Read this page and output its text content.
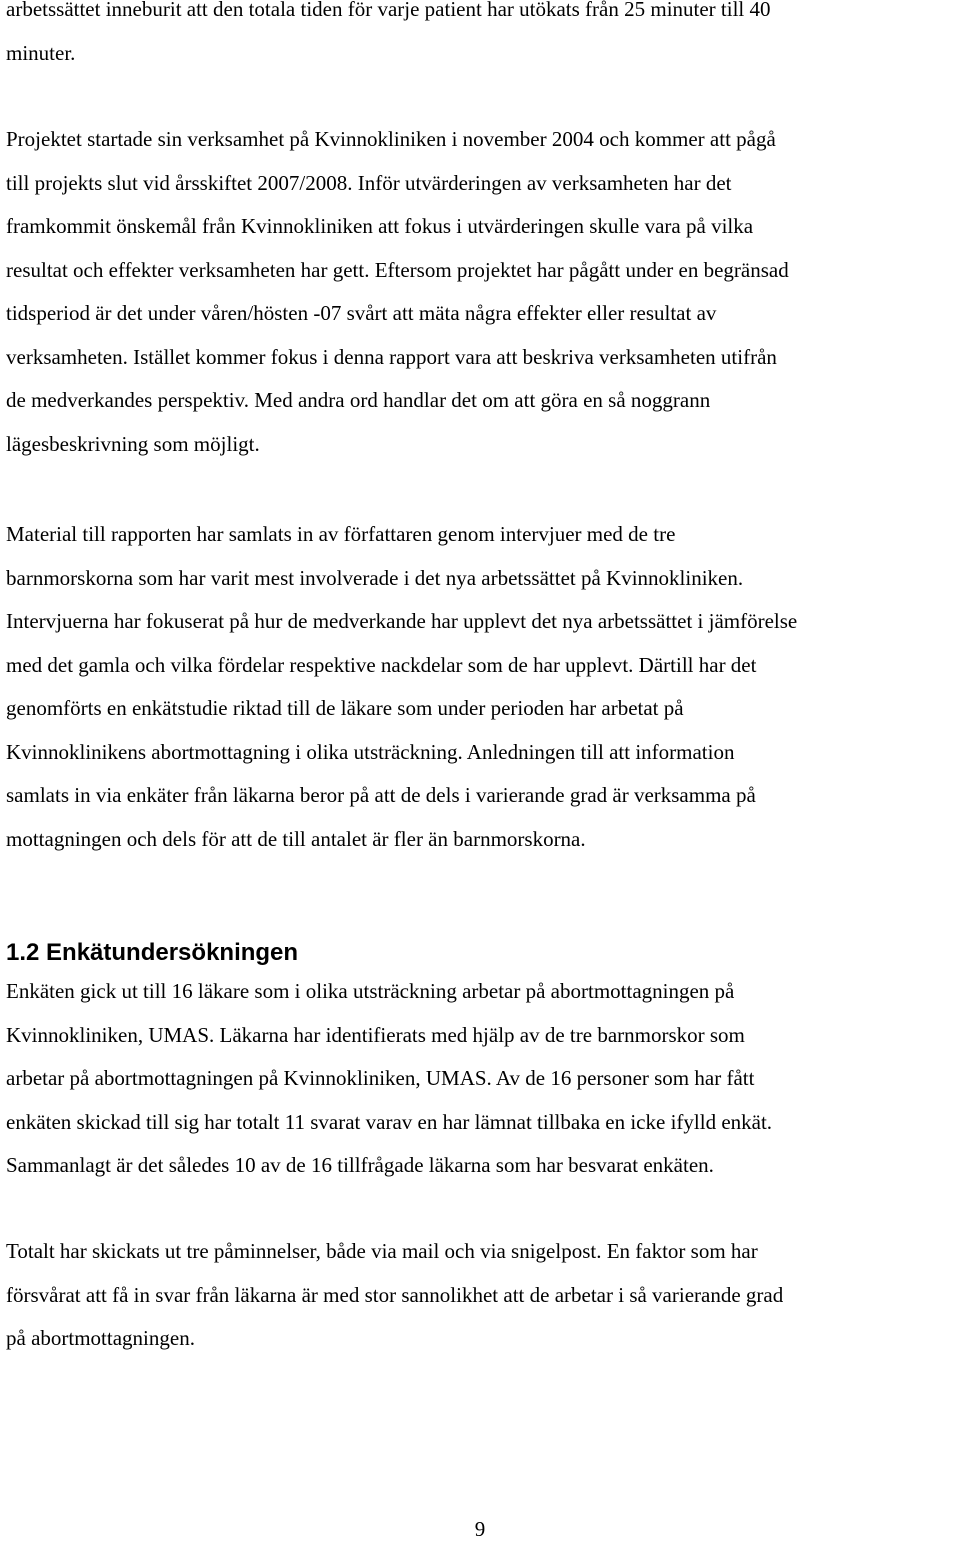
arbetssättet inneburit att den totala tiden för varje patient har utökats från 25 minuter till 40
minuter.

Projektet startade sin verksamhet på Kvinnokliniken i november 2004 och kommer att pågå
till projekts slut vid årsskiftet 2007/2008. Inför utvärderingen av verksamheten har det
framkommit önskemål från Kvinnokliniken att fokus i utvärderingen skulle vara på vilka
resultat och effekter verksamheten har gett. Eftersom projektet har pågått under en begränsad
tidsperiod är det under våren/hösten -07 svårt att mäta några effekter eller resultat av
verksamheten. Istället kommer fokus i denna rapport vara att beskriva verksamheten utifrån
de medverkandes perspektiv. Med andra ord handlar det om att göra en så noggrann
lägesbeskrivning som möjligt.

Material till rapporten har samlats in av författaren genom intervjuer med de tre
barnmorskorna som har varit mest involverade i det nya arbetssättet på Kvinnokliniken.
Intervjuerna har fokuserat på hur de medverkande har upplevt det nya arbetssättet i jämförelse
med det gamla och vilka fördelar respektive nackdelar som de har upplevt. Därtill har det
genomförts en enkätstudie riktad till de läkare som under perioden har arbetat på
Kvinnoklinikens abortmottagning i olika utsträckning. Anledningen till att information
samlats in via enkäter från läkarna beror på att de dels i varierande grad är verksamma på
mottagningen och dels för att de till antalet är fler än barnmorskorna.

1.2 Enkätundersökningen

Enkäten gick ut till 16 läkare som i olika utsträckning arbetar på abortmottagningen på
Kvinnokliniken, UMAS. Läkarna har identifierats med hjälp av de tre barnmorskor som
arbetar på abortmottagningen på Kvinnokliniken, UMAS. Av de 16 personer som har fått
enkäten skickad till sig har totalt 11 svarat varav en har lämnat tillbaka en icke ifylld enkät.
Sammanlagt är det således 10 av de 16 tillfrågade läkarna som har besvarat enkäten.

Totalt har skickats ut tre påminnelser, både via mail och via snigelpost. En faktor som har
försvårat att få in svar från läkarna är med stor sannolikhet att de arbetar i så varierande grad
på abortmottagningen.

9
